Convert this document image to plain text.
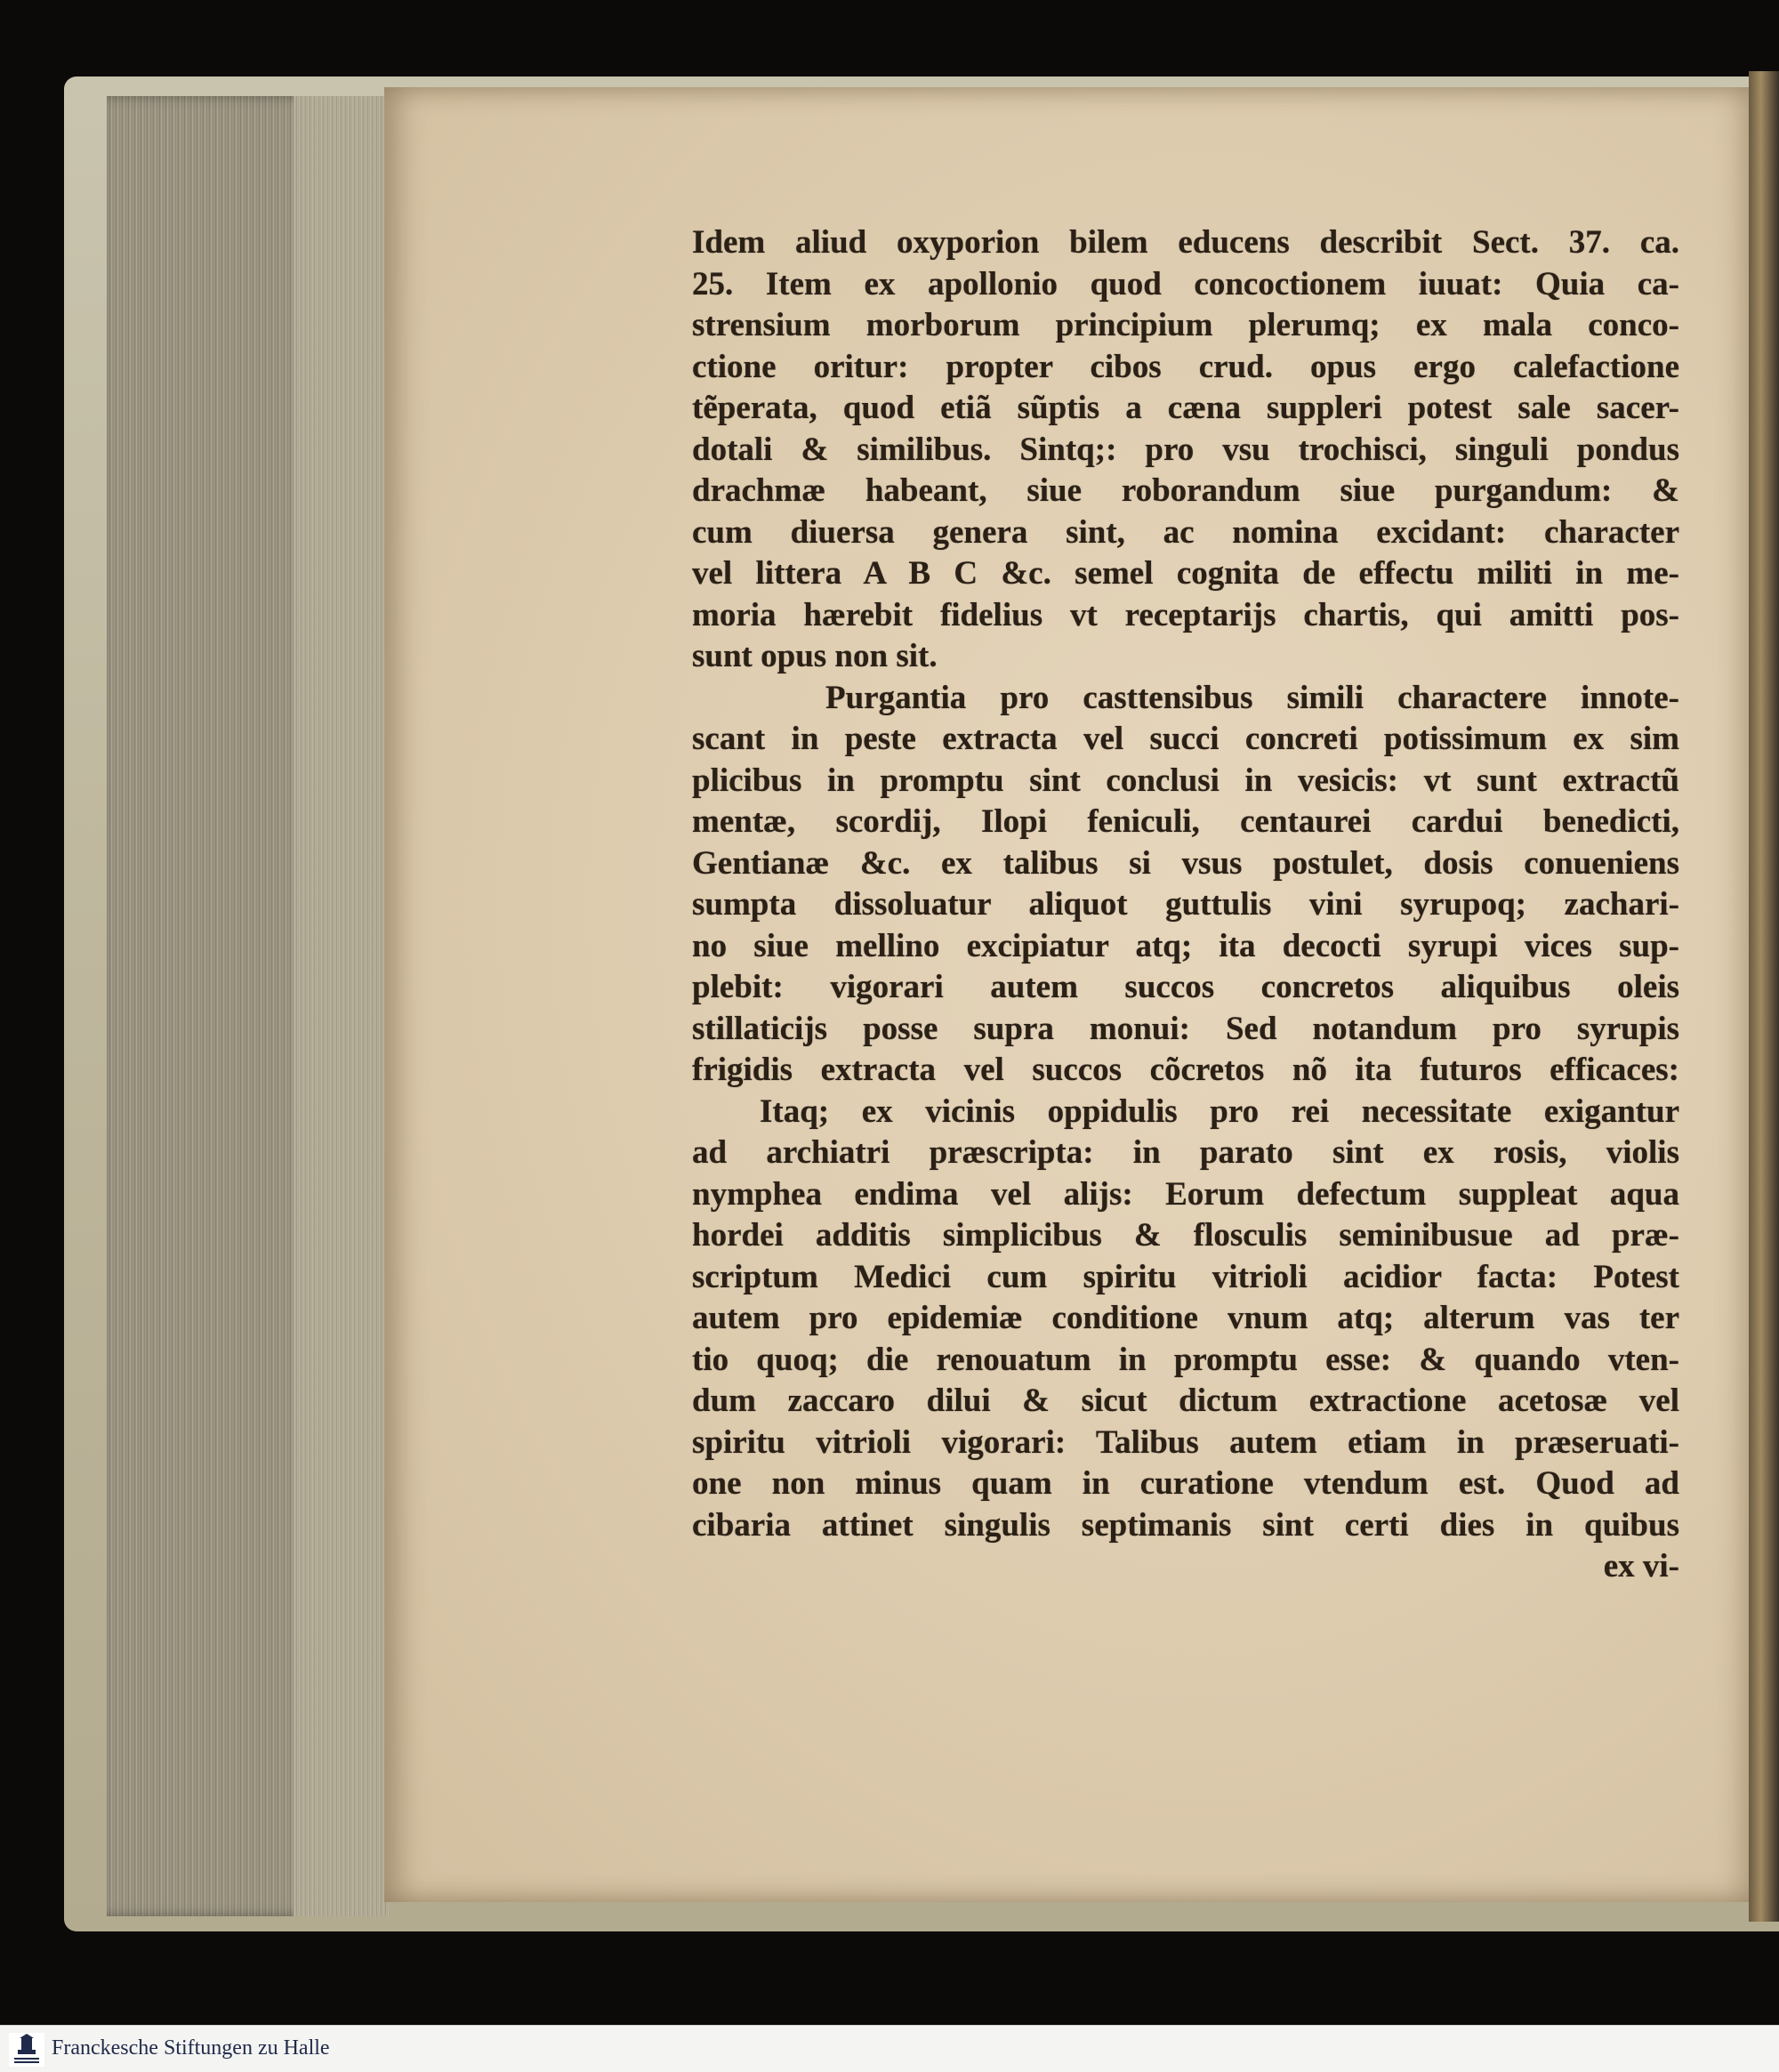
Idem aliud oxyporion bilem educens describit Sect. 37. ca.
25. Item ex apollonio quod concoctionem iuuat: Quia ca-
strensium morborum principium plerumq; ex mala conco-
ctione oritur: propter cibos crud. opus ergo calefactione
tẽperata, quod etiã sũptis a cæna suppleri potest sale sacer-
dotali & similibus. Sintq;: pro vsu trochisci, singuli pondus
drachmæ habeant, siue roborandum siue purgandum: &
cum diuersa genera sint, ac nomina excidant: character
vel littera A B C &c. semel cognita de effectu militi in me-
moria hærebit fidelius vt receptarijs chartis, qui amitti pos-
sunt opus non sit.
Purgantia pro casttensibus simili charactere innote-
scant in peste extracta vel succi concreti potissimum ex sim
plicibus in promptu sint conclusi in vesicis: vt sunt extractũ
mentæ, scordij, Ilopi feniculi, centaurei cardui benedicti,
Gentianæ &c. ex talibus si vsus postulet, dosis conueniens
sumpta dissoluatur aliquot guttulis vini syrupoq; zachari-
no siue mellino excipiatur atq; ita decocti syrupi vices sup-
plebit: vigorari autem succos concretos aliquibus oleis
stillaticijs posse supra monui: Sed notandum pro syrupis
frigidis extracta vel succos cõcretos nõ ita futuros efficaces:
Itaq; ex vicinis oppidulis pro rei necessitate exigantur
ad archiatri præscripta: in parato sint ex rosis, violis
nymphea endima vel alijs: Eorum defectum suppleat aqua
hordei additis simplicibus & flosculis seminibusue ad præ-
scriptum Medici cum spiritu vitrioli acidior facta: Potest
autem pro epidemiæ conditione vnum atq; alterum vas ter
tio quoq; die renouatum in promptu esse: & quando vten-
dum zaccaro dilui & sicut dictum extractione acetosæ vel
spiritu vitrioli vigorari: Talibus autem etiam in præseruati-
one non minus quam in curatione vtendum est. Quod ad
cibaria attinet singulis septimanis sint certi dies in quibus
ex vi-
Franckesche Stiftungen zu Halle
